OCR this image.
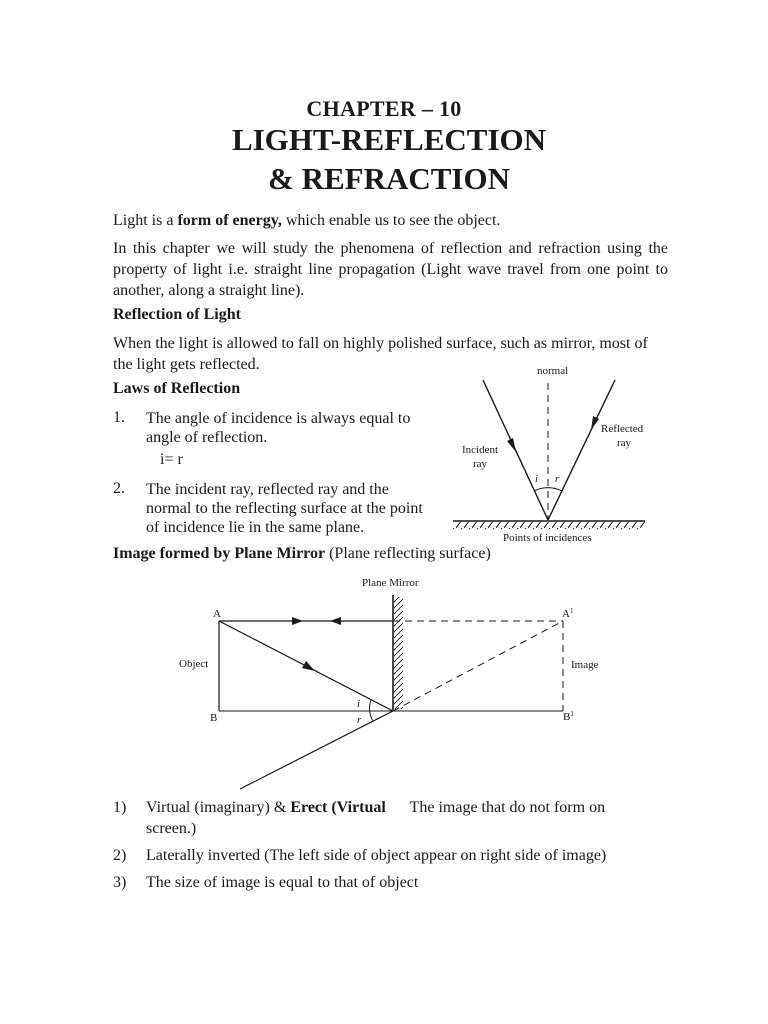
CHAPTER – 10
LIGHT-REFLECTION
& REFRACTION
Light is a form of energy, which enable us to see the object.
In this chapter we will study the phenomena of reflection and refraction using the property of light i.e. straight line propagation (Light wave travel from one point to another, along a straight line).
Reflection of Light
When the light is allowed to fall on highly polished surface, such as mirror, most of the light gets reflected.
Laws of Reflection
1. The angle of incidence is always equal to angle of reflection.
i= r
2. The incident ray, reflected ray and the normal to the reflecting surface at the point of incidence lie in the same plane.
normal
Reflected
ray
Incident
ray
i r
Points of incidences
Image formed by Plane Mirror (Plane reflecting surface)
Plane Mirror
A	$A^1$
B	$B^1$
Object	Image
i
r
1) Virtual (imaginary) & Erect (Virtual      The image that do not form on
screen.)
2) Laterally inverted (The left side of object appear on right side of image)
3) The size of image is equal to that of object
